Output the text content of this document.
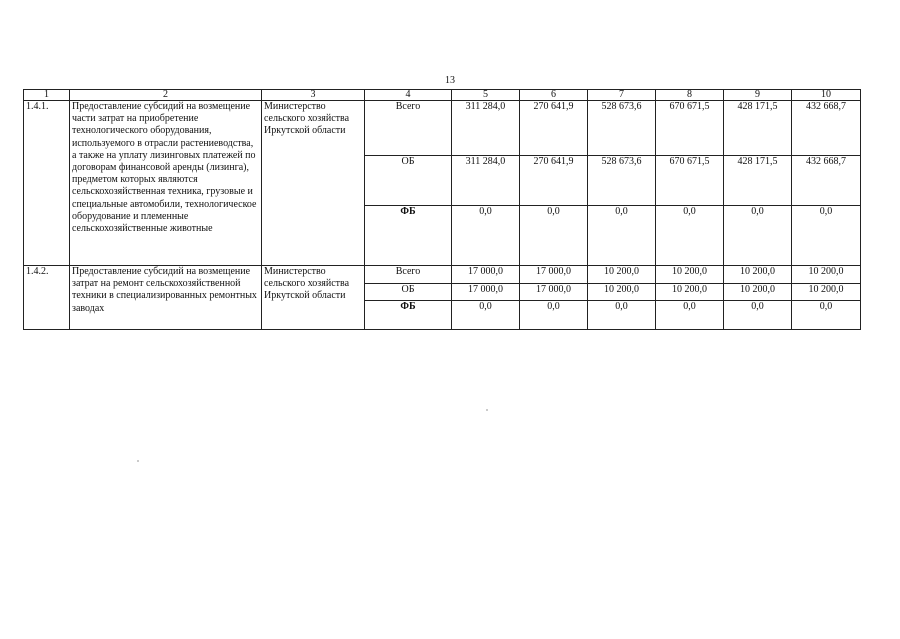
13
1	2	3	4	5	6	7	8	9	10
1.4.1.	Предоставление субсидий на возмещение части затрат на приобретение технологического оборудования, используемого в отрасли растениеводства, а также на уплату лизинговых платежей по договорам финансовой аренды (лизинга), предметом которых являются сельскохозяйственная техника, грузовые и специальные автомобили, технологическое оборудование и племенные сельскохозяйственные животные	Министерство сельского хозяйства Иркутской области	Всего	311 284,0	270 641,9	528 673,6	670 671,5	428 171,5	432 668,7
			ОБ	311 284,0	270 641,9	528 673,6	670 671,5	428 171,5	432 668,7
			ФБ	0,0	0,0	0,0	0,0	0,0	0,0
1.4.2.	Предоставление субсидий на возмещение затрат на ремонт сельскохозяйственной техники в специализированных ремонтных заводах	Министерство сельского хозяйства Иркутской области	Всего	17 000,0	17 000,0	10 200,0	10 200,0	10 200,0	10 200,0
			ОБ	17 000,0	17 000,0	10 200,0	10 200,0	10 200,0	10 200,0
			ФБ	0,0	0,0	0,0	0,0	0,0	0,0
